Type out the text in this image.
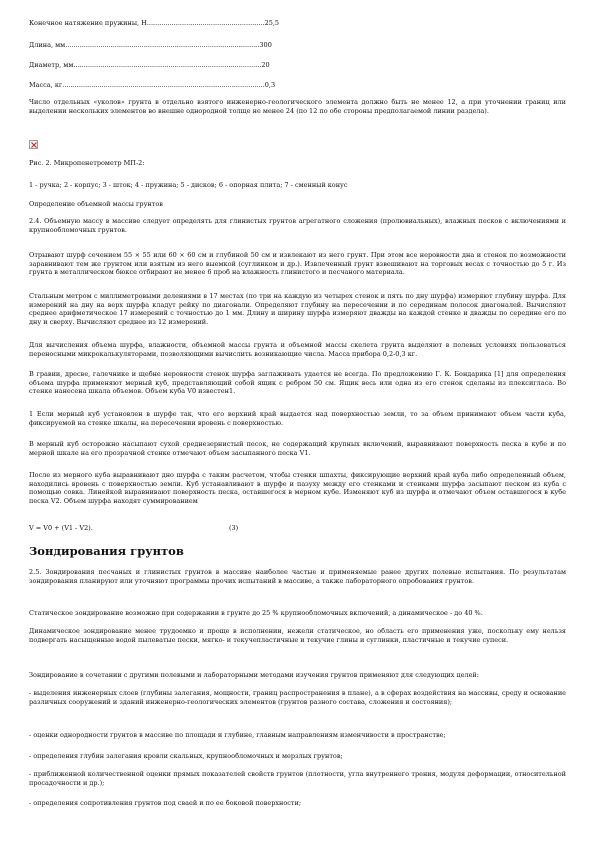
Конечное натяжение пружины, Н.........................................................25,5

Длина, мм..............................................................................................300

Диаметр, мм...........................................................................................20

Масса, кг..................................................................................................0,3

Число отдельных «уколов» грунта в отдельно взятого инженерно-геологического элемента должно быть не менее 12, а при уточнении границ или выделении нескольких элементов во внешне однородной толще не менее 24 (по 12 по обе стороны предполагаемой линии раздела).

Рис. 2. Микропенетрометр МП-2:

1 - ручка; 2 - корпус; 3 - шток; 4 - пружина; 5 - дисков; 6 - опорная плита; 7 - сменный конус

Определение объемной массы грунтов

2.4. Объемную массу в массиве следует определять для глинистых грунтов агрегатного сложения (пролювиальных), влажных песков с включениями и крупнообломочных грунтов.

Отрывают шурф сечением 55 × 55 или 60 × 60 см и глубиной 50 см и извлекают из него грунт. При этом все неровности дна и стенок по возможности заравнивают тем же грунтом или взятым из него выемкой (суглинком и др.). Извлеченный грунт взвешивают на торговых весах с точностью до 5 г. Из грунта в металлическом бюксе отбирают не менее 6 проб на влажность глинистого и песчаного материала.

Стальным метром с миллиметровыми делениями в 17 местах (по три на каждую из четырех стенок и пять по дну шурфа) измеряют глубину шурфа. Для измерений на дну на верх шурфа кладут рейку по диагонали. Определяют глубину на пересечении и по серединам полосок диагоналей. Вычисляют среднее арифметическое 17 измерений с точностью до 1 мм. Длину и ширину шурфа измеряют дважды на каждой стенке и дважды по середине его по дну и сверху. Вычисляют среднее из 12 измерений.

Для вычисления объема шурфа, влажности, объемной массы грунта и объемной массы скелета грунта выделяют в полевых условиях пользоваться переносными микрокалькуляторами, позволяющими вычислить возникающие числа. Масса прибора 0,2-0,3 кг.

В гравии, дресве, галечнике и щебне неровности стенок шурфа заглаживать удается не всегда. По предложению Г. К. Бондарика [1] для определения объема шурфа применяют мерный куб, представляющий собой ящик с ребром 50 см. Ящик весь или одна из его стенок сделаны из плексигласа. Во стенке нанесена шкала объемов. Объем куба V0 известен1.

1 Если мерный куб установлен в шурфе так, что его верхний край выдается над поверхностью земли, то за объем принимают объем части куба, фиксируемой на стенке шкалы, на пересечении вровень с поверхностью.

В мерный куб осторожно насыпают сухой среднезернистый песок, не содержащий крупных включений, выравнивают поверхность песка в кубе и по мерной шкале на его прозрачной стенке отмечают объем засыпанного песка V1.

После из мерного куба выравнивают дно шурфа с таким расчетом, чтобы стенки шпахты, фиксирующие верхний край куба либо определенный объем, находились вровень с поверхностью земли. Куб устанавливают в шурфе и пазуху между его стенками и стенками шурфа засыпают песком из куба с помощью совка. Линейкой выравнивают поверхность песка, оставшегося в мерном кубе. Изменяют куб из шурфа и отмечают объем оставшегося в кубе песка V2. Объем шурфа находят суммированием

V = V0 + (V1 - V2).	(3)

Зондирования грунтов

2.5. Зондирования песчаных и глинистых грунтов в массиве наиболее частые и применяемые ранее других полевые испытания. По результатам зондирования планируют или уточняют программы прочих испытаний в массиве, а также лабораторного опробования грунтов.

Статическое зондирование возможно при содержании в грунте до 25 % крупнообломочных включений, а динамическое - до 40 %.

Динамическое зондирование менее трудоемко и проще в исполнении, нежели статическое, но область его применения уже, поскольку ему нельзя подвергать насыщенные водой пылеватые пески, мягко- и текучепластичные и текучие глины и суглинки, пластичные и текучие супеси.

Зондирование в сочетании с другими полевыми и лабораторными методами изучения грунтов применяют для следующих целей:

- выделения инженерных слоев (глубины залегания, мощности, границ распространения в плане), а в сферах воздействия на массивы, среду и основание различных сооружений и зданий инженерно-геологических элементов (грунтов разного состава, сложения и состояния);

- оценки однородности грунтов в массиве по площади и глубине, главным направлениям изменчивости в пространстве;

- определения глубин залегания кровли скальных, крупнообломочных и мерзлых грунтов;

- приближенной количественной оценки прямых показателей свойств грунтов (плотности, угла внутреннего трения, модуля деформации, относительной просадочности и др.);

- определения сопротивления грунтов под сваей и по ее боковой поверхности;
